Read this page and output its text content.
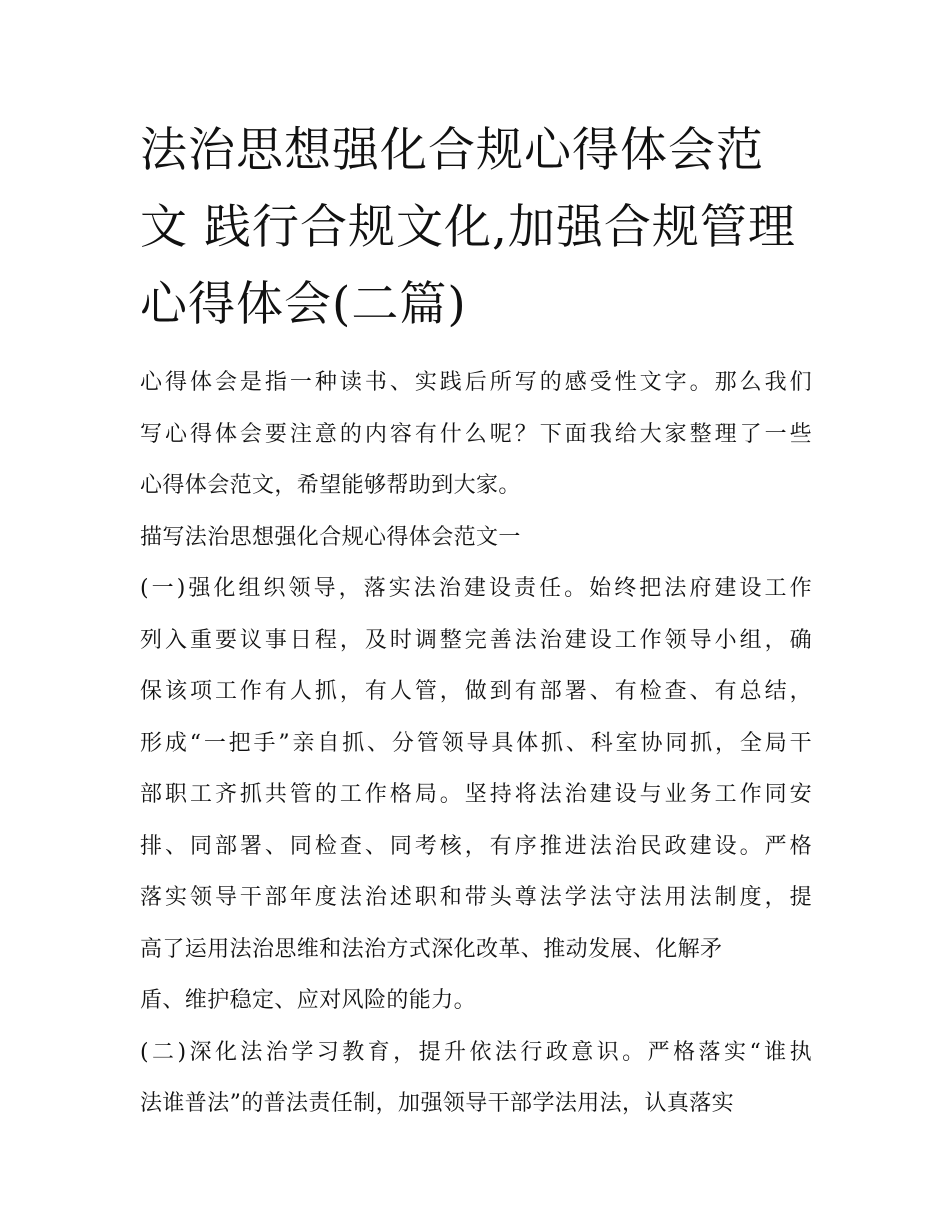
法治思想强化合规心得体会范
文 践行合规文化,加强合规管理
心得体会(二篇)
心得体会是指一种读书、实践后所写的感受性文字。那么我们
写心得体会要注意的内容有什么呢？下面我给大家整理了一些
心得体会范文，希望能够帮助到大家。
描写法治思想强化合规心得体会范文一
(一)强化组织领导，落实法治建设责任。始终把法府建设工作
列入重要议事日程，及时调整完善法治建设工作领导小组，确
保该项工作有人抓，有人管，做到有部署、有检查、有总结，
形成“一把手”亲自抓、分管领导具体抓、科室协同抓，全局干
部职工齐抓共管的工作格局。坚持将法治建设与业务工作同安
排、同部署、同检查、同考核，有序推进法治民政建设。严格
落实领导干部年度法治述职和带头尊法学法守法用法制度，提
高了运用法治思维和法治方式深化改革、推动发展、化解矛
盾、维护稳定、应对风险的能力。
(二)深化法治学习教育，提升依法行政意识。严格落实“谁执
法谁普法”的普法责任制，加强领导干部学法用法，认真落实
